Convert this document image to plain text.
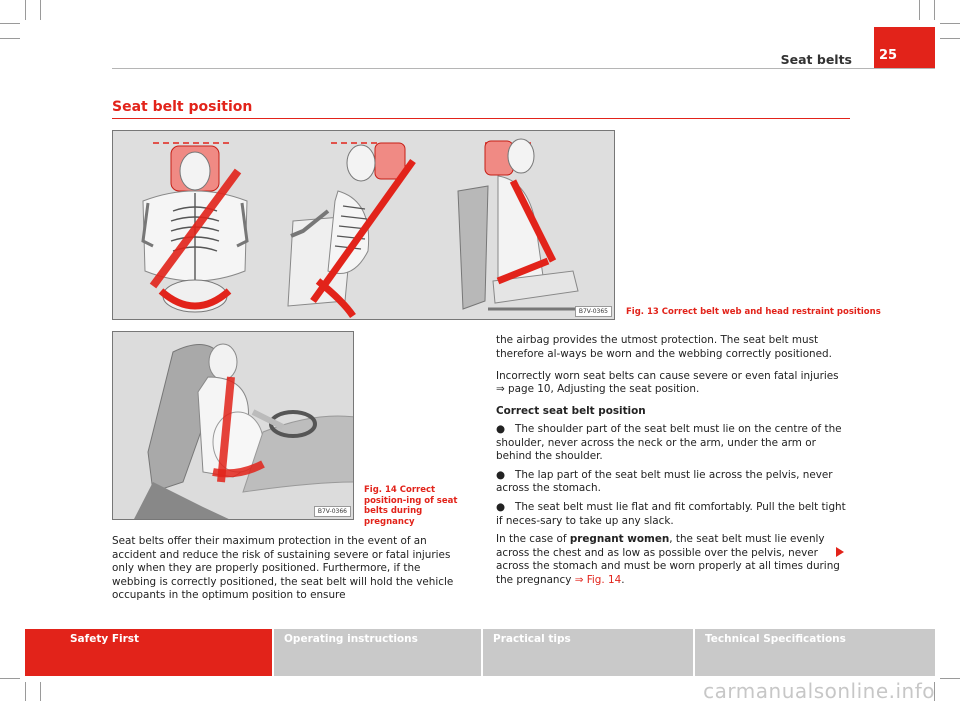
Seat belts	25
Seat belt position
B7V-0365	Fig. 13 Correct belt web and head restraint positions
B7V-0366
Fig. 14 Correct position-ing of seat belts during pregnancy
Seat belts offer their maximum protection in the event of an accident and reduce the risk of sustaining severe or fatal injuries only when they are properly positioned. Furthermore, if the webbing is correctly positioned, the seat belt will hold the vehicle occupants in the optimum position to ensure

the airbag provides the utmost protection. The seat belt must therefore al-ways be worn and the webbing correctly positioned.

Incorrectly worn seat belts can cause severe or even fatal injuries
⇒ page 10, Adjusting the seat position.

Correct seat belt position

● The shoulder part of the seat belt must lie on the centre of the shoulder, never across the neck or the arm, under the arm or behind the shoulder.

● The lap part of the seat belt must lie across the pelvis, never across the stomach.

● The seat belt must lie flat and fit comfortably. Pull the belt tight if neces-sary to take up any slack.

In the case of pregnant women, the seat belt must lie evenly across the chest and as low as possible over the pelvis, never across the stomach and must be worn properly at all times during the pregnancy ⇒ Fig. 14.

Safety First	Operating instructions	Practical tips	Technical Specifications
carmanualsonline.info
